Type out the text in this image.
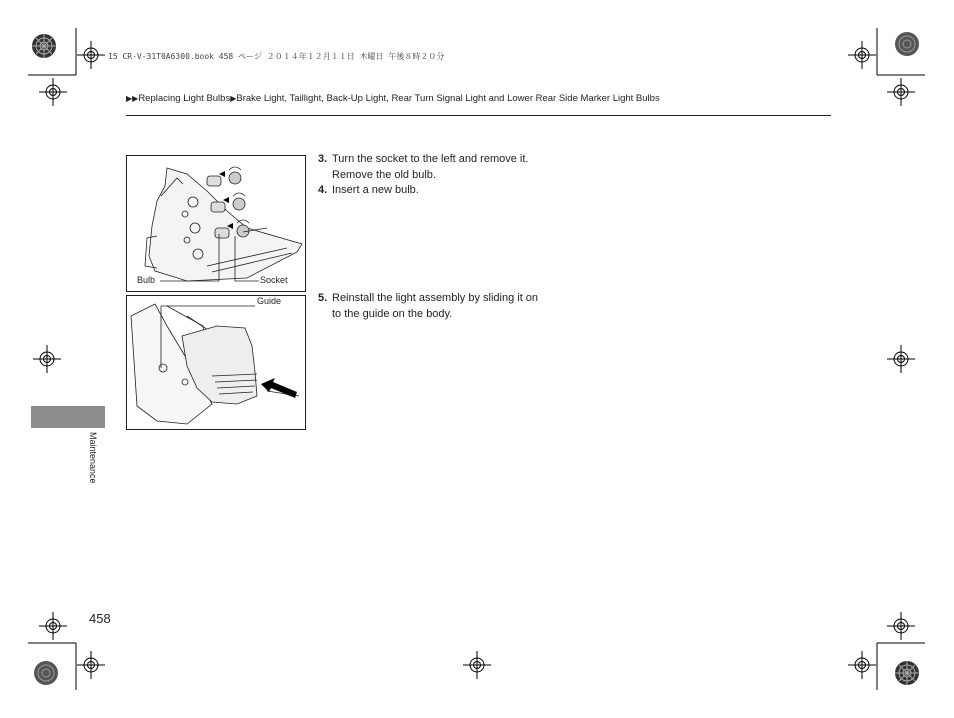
15 CR-V-31T0A6300.book 458 ページ ２０１４年１２月１１日 木曜日 午後８時２０分
▶▶Replacing Light Bulbs▶Brake Light, Taillight, Back-Up Light, Rear Turn Signal Light and Lower Rear Side Marker Light Bulbs
Bulb	Socket
Guide
3. Turn the socket to the left and remove it.
Remove the old bulb.
4. Insert a new bulb.
5. Reinstall the light assembly by sliding it on
to the guide on the body.
Maintenance
458
